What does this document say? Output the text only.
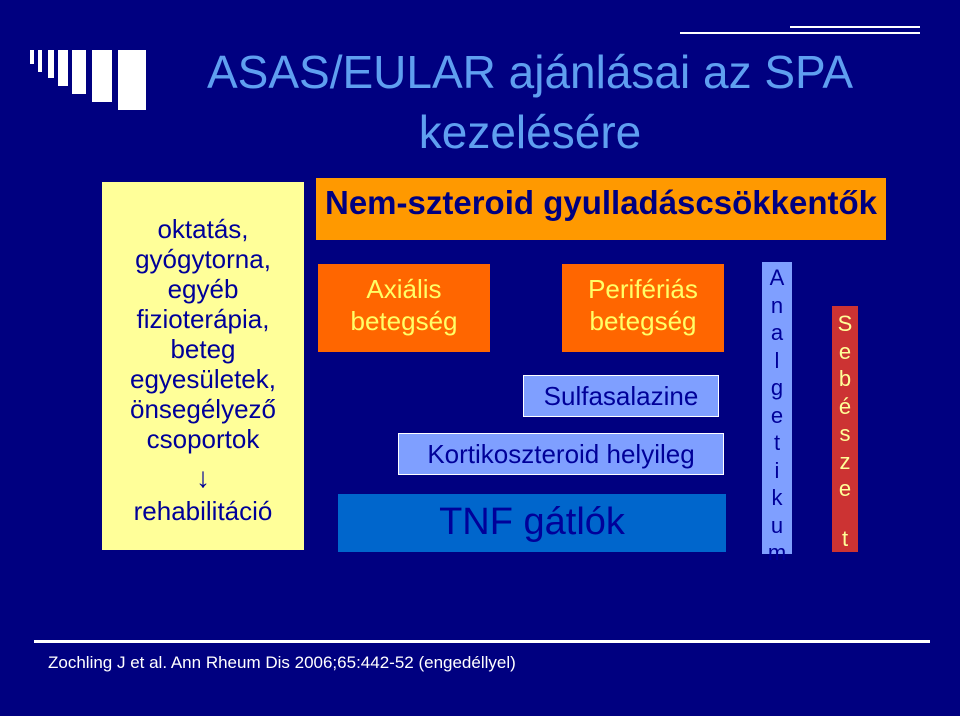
ASAS/EULAR ajánlásai az SPA
kezelésére
oktatás,
gyógytorna,
egyéb
fizioterápia,
beteg
egyesületek,
önsegélyező
csoportok
↓
rehabilitáció
Nem-szteroid gyulladáscsökkentők
Axiális
betegség
Perifériás
betegség
Sulfasalazine
Kortikoszteroid helyileg
TNF gátlók
A
n
a
l
g
e
t
i
k
u
m
S
e
b
é
s
z
e
t
Zochling J et al. Ann Rheum Dis 2006;65:442-52 (engedéllyel)
